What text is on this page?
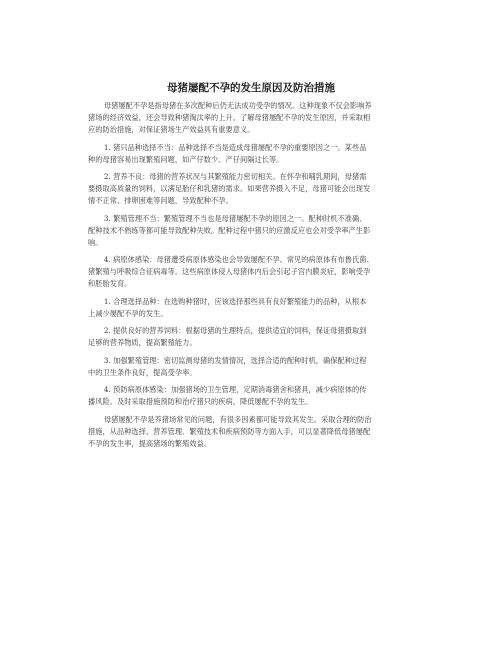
母猪屡配不孕的发生原因及防治措施

母猪屡配不孕是指母猪在多次配种后仍无法成功受孕的情况。这种现象不仅会影响养
猪场的经济效益，还会导致种猪淘汰率的上升。了解母猪屡配不孕的发生原因，并采取相
应的防治措施，对保证猪场生产效益具有重要意义。

1. 猪只品种选择不当：品种选择不当是造成母猪屡配不孕的重要原因之一。某些品
种的母猪容易出现繁殖问题，如产仔数少、产仔间隔过长等。

2. 营养不良：母猪的营养状况与其繁殖能力密切相关。在怀孕和哺乳期间，母猪需
要摄取高质量的饲料，以满足胎仔和乳猪的需求。如果营养摄入不足，母猪可能会出现发
情不正常、排卵困难等问题，导致配种不孕。

3. 繁殖管理不当：繁殖管理不当也是母猪屡配不孕的原因之一。配种时机不准确、
配种技术不熟练等都可能导致配种失败。配种过程中猪只的应激反应也会对受孕率产生影
响。

4. 病原体感染：母猪遭受病原体感染也会导致屡配不孕。常见的病原体有布鲁氏菌、
猪繁殖与呼吸综合征病毒等。这些病原体侵入母猪体内后会引起子宫内膜炎症，影响受孕
和胚胎发育。

1. 合理选择品种：在选购种猪时，应该选择那些具有良好繁殖能力的品种，从根本
上减少屡配不孕的发生。

2. 提供良好的营养饲料：根据母猪的生理特点，提供适宜的饲料，保证母猪摄取到
足够的营养物质，提高繁殖能力。

3. 加强繁殖管理：密切监测母猪的发情情况，选择合适的配种时机，确保配种过程
中的卫生条件良好，提高受孕率。

4. 预防病原体感染：加强猪场的卫生管理，定期消毒猪舍和猪具，减少病原体的传
播风险。及时采取措施预防和治疗猪只的疾病，降低屡配不孕的发生。

母猪屡配不孕是养猪场常见的问题，有很多因素都可能导致其发生。采取合理的防治
措施，从品种选择、营养管理、繁殖技术和疾病预防等方面入手，可以显著降低母猪屡配
不孕的发生率，提高猪场的繁殖效益。
